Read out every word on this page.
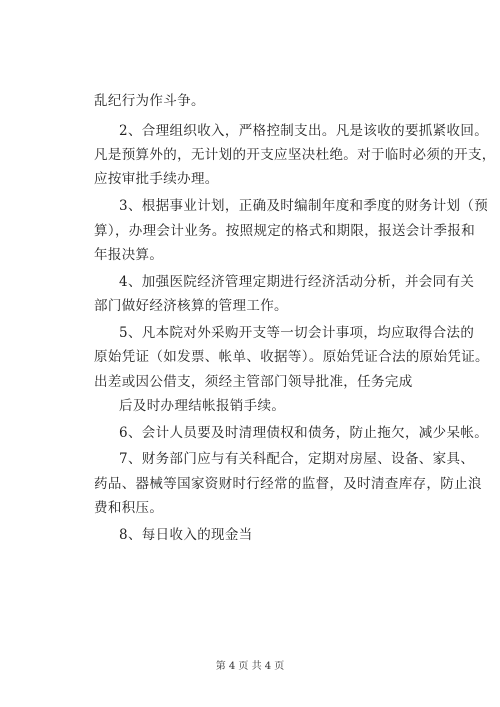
乱纪行为作斗争。
2、合理组织收入，严格控制支出。凡是该收的要抓紧收回。
凡是预算外的，无计划的开支应坚决杜绝。对于临时必须的开支，
应按审批手续办理。
3、根据事业计划，正确及时编制年度和季度的财务计划（预
算），办理会计业务。按照规定的格式和期限，报送会计季报和
年报决算。
4、加强医院经济管理定期进行经济活动分析，并会同有关
部门做好经济核算的管理工作。
5、凡本院对外采购开支等一切会计事项，均应取得合法的
原始凭证（如发票、帐单、收据等）。原始凭证合法的原始凭证。
出差或因公借支，须经主管部门领导批准，任务完成
后及时办理结帐报销手续。
6、会计人员要及时清理债权和债务，防止拖欠，减少呆帐。
7、财务部门应与有关科配合，定期对房屋、设备、家具、
药品、器械等国家资财时行经常的监督，及时清查库存，防止浪
费和积压。
8、每日收入的现金当
第 4 页 共 4 页
